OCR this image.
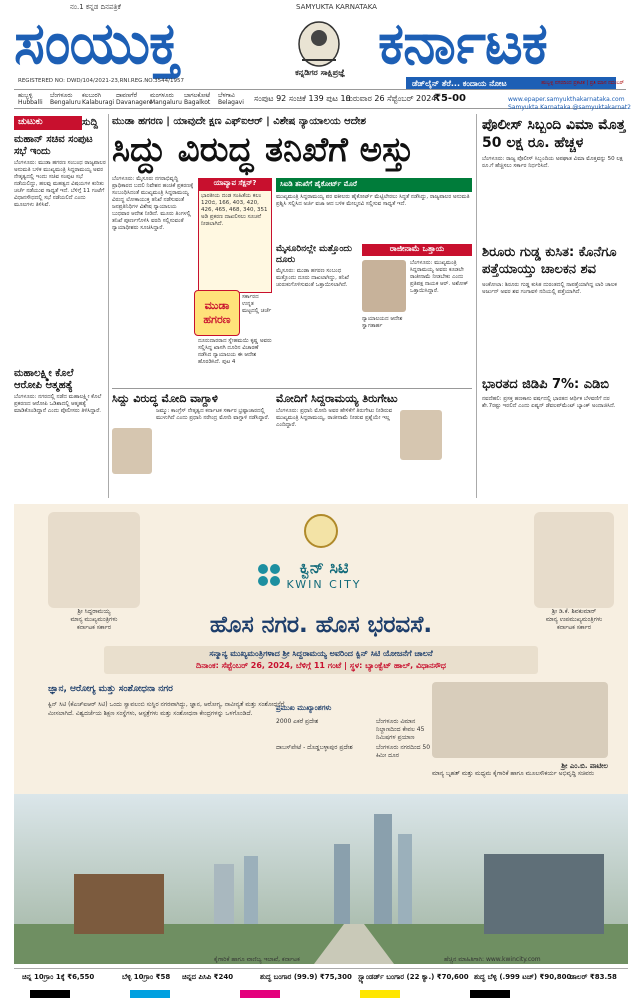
ನಂ.1 ಕನ್ನಡ ದಿನಪತ್ರಿಕೆ	SAMYUKTA KARNATAKA
ಸಂಯುಕ್ತ	ಕನ್ನಡಿಗರ ಸಾಕ್ಷಿಪ್ರಜ್ಞೆ ಕರ್ನಾಟಕ
REGISTERED NO: DWD/104/2021-23,RNI.REG.NO.3544/1957	ಡೆಡ್‌ಲೈನ್ ತೆರೆ... ಕಂದಾಯ ನೋಟ	ಹುಬ್ಬಳ್ಳಿ ನಗರದಿಂದ ಪ್ರಕಟಿತ | ಪ್ರತಿ ಮಾಸ ನವಂಬರ್
ಹುಬ್ಬಳ್ಳಿ
Hubballi
ಬೆಂಗಳೂರು
Bengaluru
ಕಲಬುರಗಿ
Kalaburagi
ದಾವಣಗೆರೆ
Davanagere
ಮಂಗಳೂರು
Mangaluru
ಬಾಗಲಕೋಟೆ
Bagalkot
ಬೆಳಗಾವಿ
Belagavi ಸಂಪುಟ 92 ಸಂಚಿಕೆ 139 ಪುಟ 10
ಗುರುವಾರ 26 ಸೆಪ್ಟೆಂಬರ್ 2024
₹5-00	www.epaper.samyukthakarnataka.com
Samyukta Karnataka @samyuktakarnat2
ಚುಟುಕು	ಸುದ್ದಿ
ಮಹಾನ್ ಸಚಿವ ಸಂಪುಟ ಸಭೆ ಇಂದು
ಬೆಂಗಳೂರು: ಮುಡಾ ಹಗರಣ ಸಂಬಂಧ ರಾಜ್ಯಪಾಲರ ಅನುಮತಿ ಬಳಿಕ ಮುಖ್ಯಮಂತ್ರಿ ಸಿದ್ದರಾಮಯ್ಯ ಅವರ ನೇತೃತ್ವದಲ್ಲಿ ಇಂದು ಸಚಿವ ಸಂಪುಟ ಸಭೆ ನಡೆಯಲಿದ್ದು, ಹಲವು ಮಹತ್ವದ ವಿಷಯಗಳ ಕುರಿತು ಚರ್ಚೆ ನಡೆಯುವ ಸಾಧ್ಯತೆ ಇದೆ. ಬೆಳಿಗ್ಗೆ 11 ಗಂಟೆಗೆ ವಿಧಾನಸೌಧದಲ್ಲಿ ಸಭೆ ನಡೆಯಲಿದೆ ಎಂದು ಮೂಲಗಳು ತಿಳಿಸಿವೆ.
ಮಹಾಲಕ್ಷ್ಮೀ ಕೊಲೆ ಆರೋಪಿ ಆತ್ಮಹತ್ಯೆ
ಬೆಂಗಳೂರು: ನಗರದಲ್ಲಿ ನಡೆದ ಮಹಾಲಕ್ಷ್ಮೀ ಕೊಲೆ ಪ್ರಕರಣದ ಆರೋಪಿ ಒಡಿಶಾದಲ್ಲಿ ಆತ್ಮಹತ್ಯೆ ಮಾಡಿಕೊಂಡಿದ್ದಾನೆ ಎಂದು ಪೊಲೀಸರು ತಿಳಿಸಿದ್ದಾರೆ.
ಮುಡಾ ಹಗರಣ | ಯಾವುದೇ ಕ್ಷಣ ಎಫ್‌ಐಆರ್ | ವಿಶೇಷ ನ್ಯಾಯಾಲಯ ಆದೇಶ
ಸಿದ್ದು ವಿರುದ್ಧ ತನಿಖೆಗೆ ಅಸ್ತು
ಬೆಂಗಳೂರು: ಮೈಸೂರು ನಗರಾಭಿವೃದ್ಧಿ ಪ್ರಾಧಿಕಾರದ ಬದಲಿ ನಿವೇಶನ ಹಂಚಿಕೆ ಪ್ರಕರಣಕ್ಕೆ ಸಂಬಂಧಿಸಿದಂತೆ ಮುಖ್ಯಮಂತ್ರಿ ಸಿದ್ದರಾಮಯ್ಯ ವಿರುದ್ಧ ಲೋಕಾಯುಕ್ತ ತನಿಖೆ ನಡೆಸುವಂತೆ ಜನಪ್ರತಿನಿಧಿಗಳ ವಿಶೇಷ ನ್ಯಾಯಾಲಯ ಬುಧವಾರ ಆದೇಶ ನೀಡಿದೆ. ಮೂರು ತಿಂಗಳಲ್ಲಿ ತನಿಖೆ ಪೂರ್ಣಗೊಳಿಸಿ ವರದಿ ಸಲ್ಲಿಸುವಂತೆ ನ್ಯಾಯಾಧೀಶರು ಸೂಚಿಸಿದ್ದಾರೆ.
ಯಾವ್ಯಾವ ಸೆಕ್ಷನ್?
ಭಾರತೀಯ ದಂಡ ಸಂಹಿತೆಯ ಕಲಂ 120ಬಿ, 166, 403, 420, 426, 465, 468, 340, 351 ಅಡಿ ಪ್ರಕರಣ ದಾಖಲಿಸಲು ಸೂಚನೆ ನೀಡಲಾಗಿದೆ.
ಮುಡಾ
ಹಗರಣ
ಸರ್ಕಾರದ ಉನ್ನತ ಮಟ್ಟದಲ್ಲಿ ಚರ್ಚೆ
ದೂರುದಾರರಾದ ಸ್ನೇಹಮಯಿ ಕೃಷ್ಣ ಅವರು ಸಲ್ಲಿಸಿದ್ದ ಖಾಸಗಿ ದೂರಿನ ವಿಚಾರಣೆ ನಡೆಸಿದ ನ್ಯಾಯಾಲಯ ಈ ಆದೇಶ ಹೊರಡಿಸಿದೆ. ಪುಟ 4
ಸಿಐಡಿ ತನಿಖೆಗೆ ಹೈಕೋರ್ಟ್ ಮೊರೆ
ಮುಖ್ಯಮಂತ್ರಿ ಸಿದ್ದರಾಮಯ್ಯ ಪರ ವಕೀಲರು ಹೈಕೋರ್ಟ್ ಮೆಟ್ಟಿಲೇರಲು ಸಿದ್ಧತೆ ನಡೆಸಿದ್ದು, ರಾಜ್ಯಪಾಲರ ಅನುಮತಿ ಪ್ರಶ್ನಿಸಿ ಸಲ್ಲಿಸಿದ ಅರ್ಜಿ ವಜಾ ಆದ ಬಳಿಕ ಮೇಲ್ಮನವಿ ಸಲ್ಲಿಸುವ ಸಾಧ್ಯತೆ ಇದೆ.
ಮೈಸೂರಿನಲ್ಲೇ ಮತ್ತೊಂದು ದೂರು
ಮೈಸೂರು: ಮುಡಾ ಹಗರಣ ಸಂಬಂಧ ಮತ್ತೊಂದು ದೂರು ದಾಖಲಾಗಿದ್ದು, ತನಿಖೆ ಚುರುಕುಗೊಳಿಸುವಂತೆ ಒತ್ತಾಯಿಸಲಾಗಿದೆ.
ರಾಜೀನಾಮೆ ಒತ್ತಾಯ
ಬೆಂಗಳೂರು: ಮುಖ್ಯಮಂತ್ರಿ ಸಿದ್ದರಾಮಯ್ಯ ಅವರು ಕೂಡಲೇ ರಾಜೀನಾಮೆ ನೀಡಬೇಕು ಎಂದು ಪ್ರತಿಪಕ್ಷ ನಾಯಕ ಆರ್. ಅಶೋಕ್ ಒತ್ತಾಯಿಸಿದ್ದಾರೆ.
ನ್ಯಾಯಾಲಯದ ಆದೇಶ ಸ್ವಾಗತಾರ್ಹ
ಸಿದ್ದು ವಿರುದ್ಧ ಮೋದಿ ವಾಗ್ದಾಳಿ
ಜಮ್ಮು: ಕಾಂಗ್ರೆಸ್ ನೇತೃತ್ವದ ಕರ್ನಾಟಕ ಸರ್ಕಾರ ಭ್ರಷ್ಟಾಚಾರದಲ್ಲಿ ಮುಳುಗಿದೆ ಎಂದು ಪ್ರಧಾನಿ ನರೇಂದ್ರ ಮೋದಿ ವಾಗ್ದಾಳಿ ನಡೆಸಿದ್ದಾರೆ.
ಮೋದಿಗೆ ಸಿದ್ದರಾಮಯ್ಯ ತಿರುಗೇಟು
ಬೆಂಗಳೂರು: ಪ್ರಧಾನಿ ಮೋದಿ ಅವರ ಹೇಳಿಕೆಗೆ ತಿರುಗೇಟು ನೀಡಿರುವ ಮುಖ್ಯಮಂತ್ರಿ ಸಿದ್ದರಾಮಯ್ಯ, ರಾಜೀನಾಮೆ ನೀಡುವ ಪ್ರಶ್ನೆಯೇ ಇಲ್ಲ ಎಂದಿದ್ದಾರೆ.
ಪೊಲೀಸ್ ಸಿಬ್ಬಂದಿ ವಿಮಾ ಮೊತ್ತ 50 ಲಕ್ಷ ರೂ. ಹೆಚ್ಚಳ
ಬೆಂಗಳೂರು: ರಾಜ್ಯ ಪೊಲೀಸ್ ಸಿಬ್ಬಂದಿಯ ಅಪಘಾತ ವಿಮಾ ಮೊತ್ತವನ್ನು 50 ಲಕ್ಷ ರೂ.ಗೆ ಹೆಚ್ಚಿಸಲು ಸರ್ಕಾರ ನಿರ್ಧರಿಸಿದೆ.
ಶಿರೂರು ಗುಡ್ಡ ಕುಸಿತ: ಕೊನೆಗೂ ಪತ್ತೆಯಾಯ್ತು ಚಾಲಕನ ಶವ
ಅಂಕೋಲಾ: ಶಿರೂರು ಗುಡ್ಡ ಕುಸಿತ ದುರಂತದಲ್ಲಿ ನಾಪತ್ತೆಯಾಗಿದ್ದ ಲಾರಿ ಚಾಲಕ ಅರ್ಜುನ್ ಅವರ ಶವ ಗಂಗಾವಳಿ ನದಿಯಲ್ಲಿ ಪತ್ತೆಯಾಗಿದೆ.
ಭಾರತದ ಜಿಡಿಪಿ 7%: ಎಡಿಬಿ
ನವದೆಹಲಿ: ಪ್ರಸಕ್ತ ಹಣಕಾಸು ವರ್ಷದಲ್ಲಿ ಭಾರತದ ಆರ್ಥಿಕ ಬೆಳವಣಿಗೆ ದರ ಶೇ.7ರಷ್ಟು ಇರಲಿದೆ ಎಂದು ಏಷ್ಯನ್ ಡೆವಲಪ್‌ಮೆಂಟ್ ಬ್ಯಾಂಕ್ ಅಂದಾಜಿಸಿದೆ.
ಶ್ರೀ ಸಿದ್ದರಾಮಯ್ಯ
ಮಾನ್ಯ ಮುಖ್ಯಮಂತ್ರಿಗಳು
ಕರ್ನಾಟಕ ಸರ್ಕಾರ
ಶ್ರೀ ಡಿ.ಕೆ. ಶಿವಕುಮಾರ್
ಮಾನ್ಯ ಉಪಮುಖ್ಯಮಂತ್ರಿಗಳು
ಕರ್ನಾಟಕ ಸರ್ಕಾರ
ಕ್ವಿನ್ ಸಿಟಿ
KWIN CITY
ಹೊಸ ನಗರ. ಹೊಸ ಭರವಸೆ.
ಸನ್ಮಾನ್ಯ ಮುಖ್ಯಮಂತ್ರಿಗಳಾದ ಶ್ರೀ ಸಿದ್ದರಾಮಯ್ಯ ಅವರಿಂದ ಕ್ವಿನ್ ಸಿಟಿ ಯೋಜನೆಗೆ ಚಾಲನೆ
ದಿನಾಂಕ: ಸೆಪ್ಟೆಂಬರ್ 26, 2024, ಬೆಳಿಗ್ಗೆ 11 ಗಂಟೆ | ಸ್ಥಳ: ಬ್ಯಾಂಕ್ವೆಟ್ ಹಾಲ್, ವಿಧಾನಸೌಧ
ಜ್ಞಾನ, ಆರೋಗ್ಯ ಮತ್ತು ಸಂಶೋಧನಾ ನಗರ
ಕ್ವಿನ್ ಸಿಟಿ (ಕೆಎಚ್‌ಐಆರ್ ಸಿಟಿ) ಒಂದು ಸ್ವಾವಲಂಬಿ ಸುಸ್ಥಿರ ನಗರವಾಗಿದ್ದು, ಜ್ಞಾನ, ಆರೋಗ್ಯ, ನಾವೀನ್ಯತೆ ಮತ್ತು ಸಂಶೋಧನೆಗೆ ಮೀಸಲಾಗಿದೆ. ವಿಶ್ವದರ್ಜೆಯ ಶಿಕ್ಷಣ ಸಂಸ್ಥೆಗಳು, ಆಸ್ಪತ್ರೆಗಳು ಮತ್ತು ಸಂಶೋಧನಾ ಕೇಂದ್ರಗಳನ್ನು ಒಳಗೊಂಡಿದೆ.
ಪ್ರಮುಖ ಮುಖ್ಯಾಂಶಗಳು
2000 ಎಕರೆ ಪ್ರದೇಶ	ಬೆಂಗಳೂರು ವಿಮಾನ ನಿಲ್ದಾಣದಿಂದ ಕೇವಲ 45 ನಿಮಿಷಗಳ ಪ್ರಯಾಣ
ದಾಬಸ್‌ಪೇಟೆ - ದೊಡ್ಡಬಳ್ಳಾಪುರ ಪ್ರದೇಶ	ಬೆಂಗಳೂರು ನಗರದಿಂದ 50 ಕಿಮೀ ದೂರ
ಶ್ರೀ ಎಂ.ಬಿ. ಪಾಟೀಲ
ಮಾನ್ಯ ಬೃಹತ್ ಮತ್ತು ಮಧ್ಯಮ ಕೈಗಾರಿಕೆ ಹಾಗೂ ಮೂಲಸೌಕರ್ಯ ಅಭಿವೃದ್ಧಿ ಸಚಿವರು
ಕೈಗಾರಿಕೆ ಹಾಗೂ ವಾಣಿಜ್ಯ ಇಲಾಖೆ, ಕರ್ನಾಟಕ	ಹೆಚ್ಚಿನ ಮಾಹಿತಿಗಾಗಿ: www.kwincity.com
ಚಿನ್ನ 10ಗ್ರಾಂ 1ಕ್ಕೆ ₹6,550	ಬೆಳ್ಳಿ 10ಗ್ರಾಂ ₹58 ಚಿನ್ನದ ಪಿಸಿಪಿ ₹240	ಶುದ್ಧ ಬಂಗಾರ (99.9) ₹75,300 ಸ್ಟ್ಯಾಂಡರ್ಡ್ ಬಂಗಾರ (22 ಕ್ಯಾ.) ₹70,600 ಶುದ್ಧ ಬೆಳ್ಳಿ (.999 ಟಚ್) ₹90,800
ಡಾಲರ್ ₹83.58
